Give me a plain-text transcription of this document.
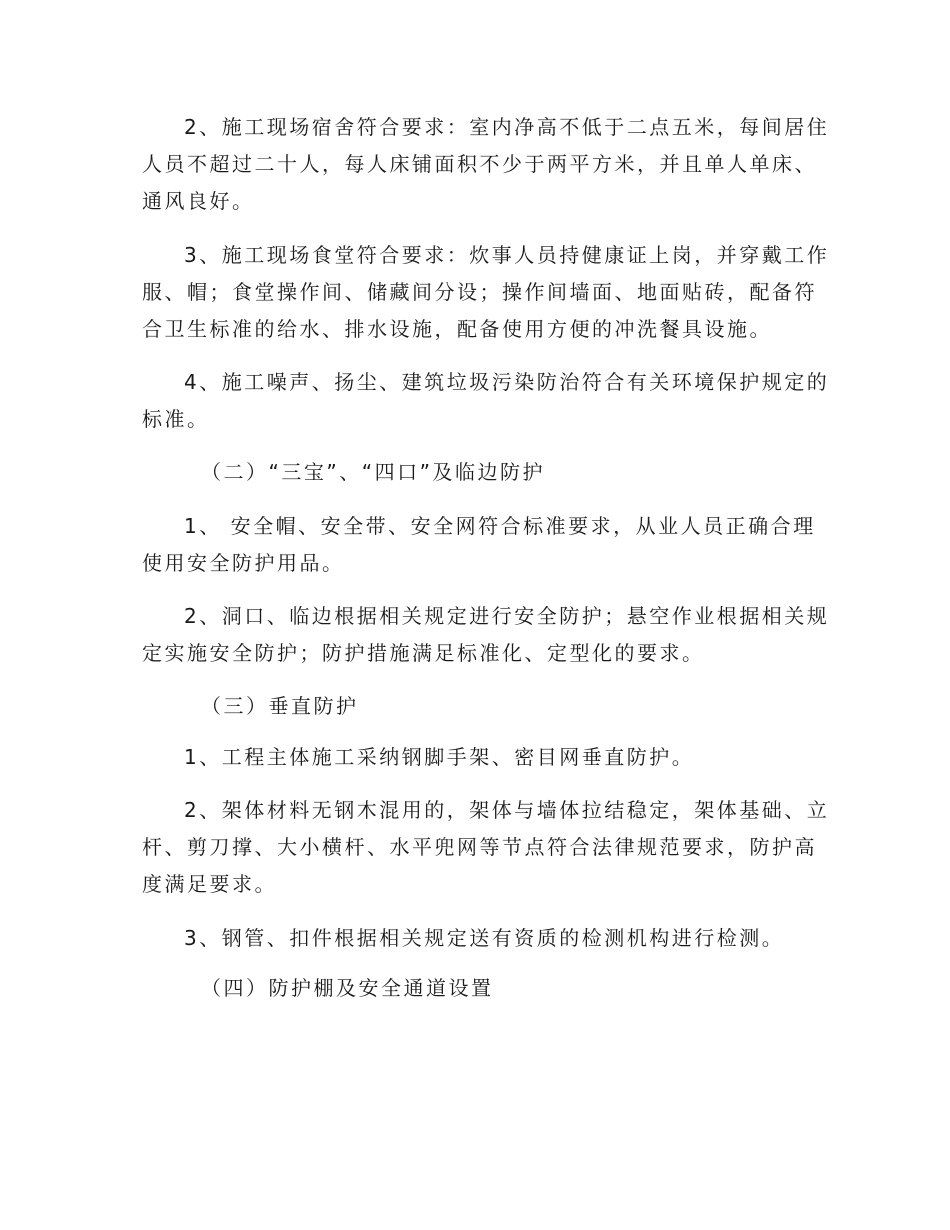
2、施工现场宿舍符合要求：室内净高不低于二点五米，每间居住
人员不超过二十人，每人床铺面积不少于两平方米，并且单人单床、
通风良好。
3、施工现场食堂符合要求：炊事人员持健康证上岗，并穿戴工作
服、帽；食堂操作间、储藏间分设；操作间墙面、地面贴砖，配备符
合卫生标准的给水、排水设施，配备使用方便的冲洗餐具设施。
4、施工噪声、扬尘、建筑垃圾污染防治符合有关环境保护规定的
标准。
（二）“三宝”、“四口”及临边防护
1、 安全帽、安全带、安全网符合标准要求，从业人员正确合理
使用安全防护用品。
2、洞口、临边根据相关规定进行安全防护；悬空作业根据相关规
定实施安全防护；防护措施满足标准化、定型化的要求。
（三）垂直防护
1、工程主体施工采纳钢脚手架、密目网垂直防护。
2、架体材料无钢木混用的，架体与墙体拉结稳定，架体基础、立
杆、剪刀撑、大小横杆、水平兜网等节点符合法律规范要求，防护高
度满足要求。
3、钢管、扣件根据相关规定送有资质的检测机构进行检测。
（四）防护棚及安全通道设置
